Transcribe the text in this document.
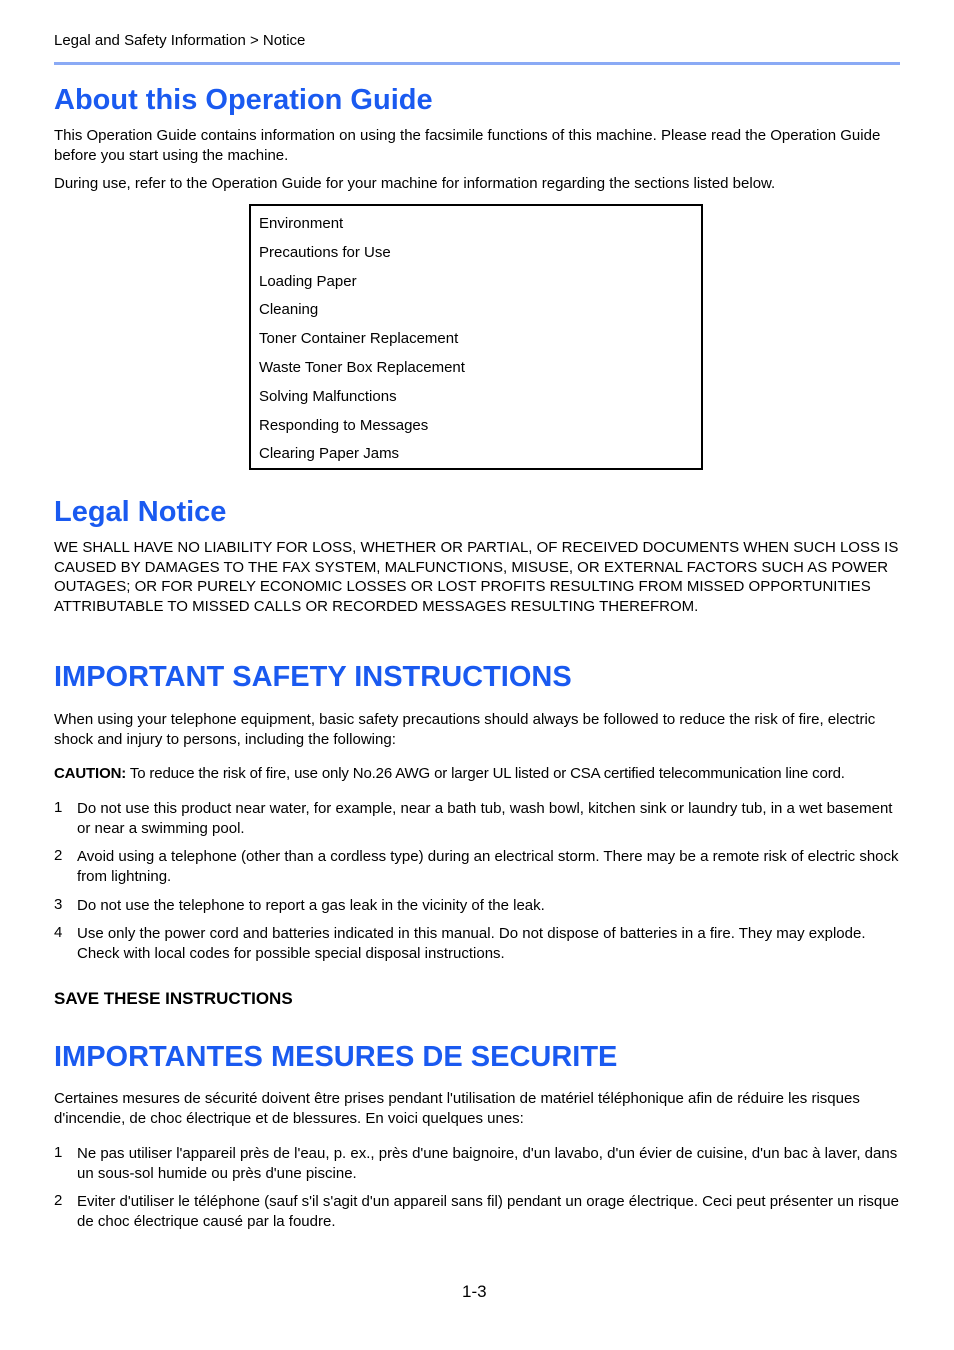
Legal and Safety Information > Notice
About this Operation Guide

This Operation Guide contains information on using the facsimile functions of this machine. Please read the Operation Guide before you start using the machine.

During use, refer to the Operation Guide for your machine for information regarding the sections listed below.

Environment
Precautions for Use
Loading Paper
Cleaning
Toner Container Replacement
Waste Toner Box Replacement
Solving Malfunctions
Responding to Messages
Clearing Paper Jams
Legal Notice

WE SHALL HAVE NO LIABILITY FOR LOSS, WHETHER OR PARTIAL, OF RECEIVED DOCUMENTS WHEN SUCH LOSS IS CAUSED BY DAMAGES TO THE FAX SYSTEM, MALFUNCTIONS, MISUSE, OR EXTERNAL FACTORS SUCH AS POWER OUTAGES; OR FOR PURELY ECONOMIC LOSSES OR LOST PROFITS RESULTING FROM MISSED OPPORTUNITIES ATTRIBUTABLE TO MISSED CALLS OR RECORDED MESSAGES RESULTING THEREFROM.

IMPORTANT SAFETY INSTRUCTIONS

When using your telephone equipment, basic safety precautions should always be followed to reduce the risk of fire, electric shock and injury to persons, including the following:

CAUTION: To reduce the risk of fire, use only No.26 AWG or larger UL listed or CSA certified telecommunication line cord.

1 Do not use this product near water, for example, near a bath tub, wash bowl, kitchen sink or laundry tub, in a wet basement or near a swimming pool.

2 Avoid using a telephone (other than a cordless type) during an electrical storm. There may be a remote risk of electric shock from lightning.

3 Do not use the telephone to report a gas leak in the vicinity of the leak.

4 Use only the power cord and batteries indicated in this manual. Do not dispose of batteries in a fire. They may explode. Check with local codes for possible special disposal instructions.

SAVE THESE INSTRUCTIONS
IMPORTANTES MESURES DE SECURITE

Certaines mesures de sécurité doivent être prises pendant l'utilisation de matériel téléphonique afin de réduire les risques d'incendie, de choc électrique et de blessures. En voici quelques unes:

1 Ne pas utiliser l'appareil près de l'eau, p. ex., près d'une baignoire, d'un lavabo, d'un évier de cuisine, d'un bac à laver, dans un sous-sol humide ou près d'une piscine.

2 Eviter d'utiliser le téléphone (sauf s'il s'agit d'un appareil sans fil) pendant un orage électrique. Ceci peut présenter un risque de choc électrique causé par la foudre.

1-3
